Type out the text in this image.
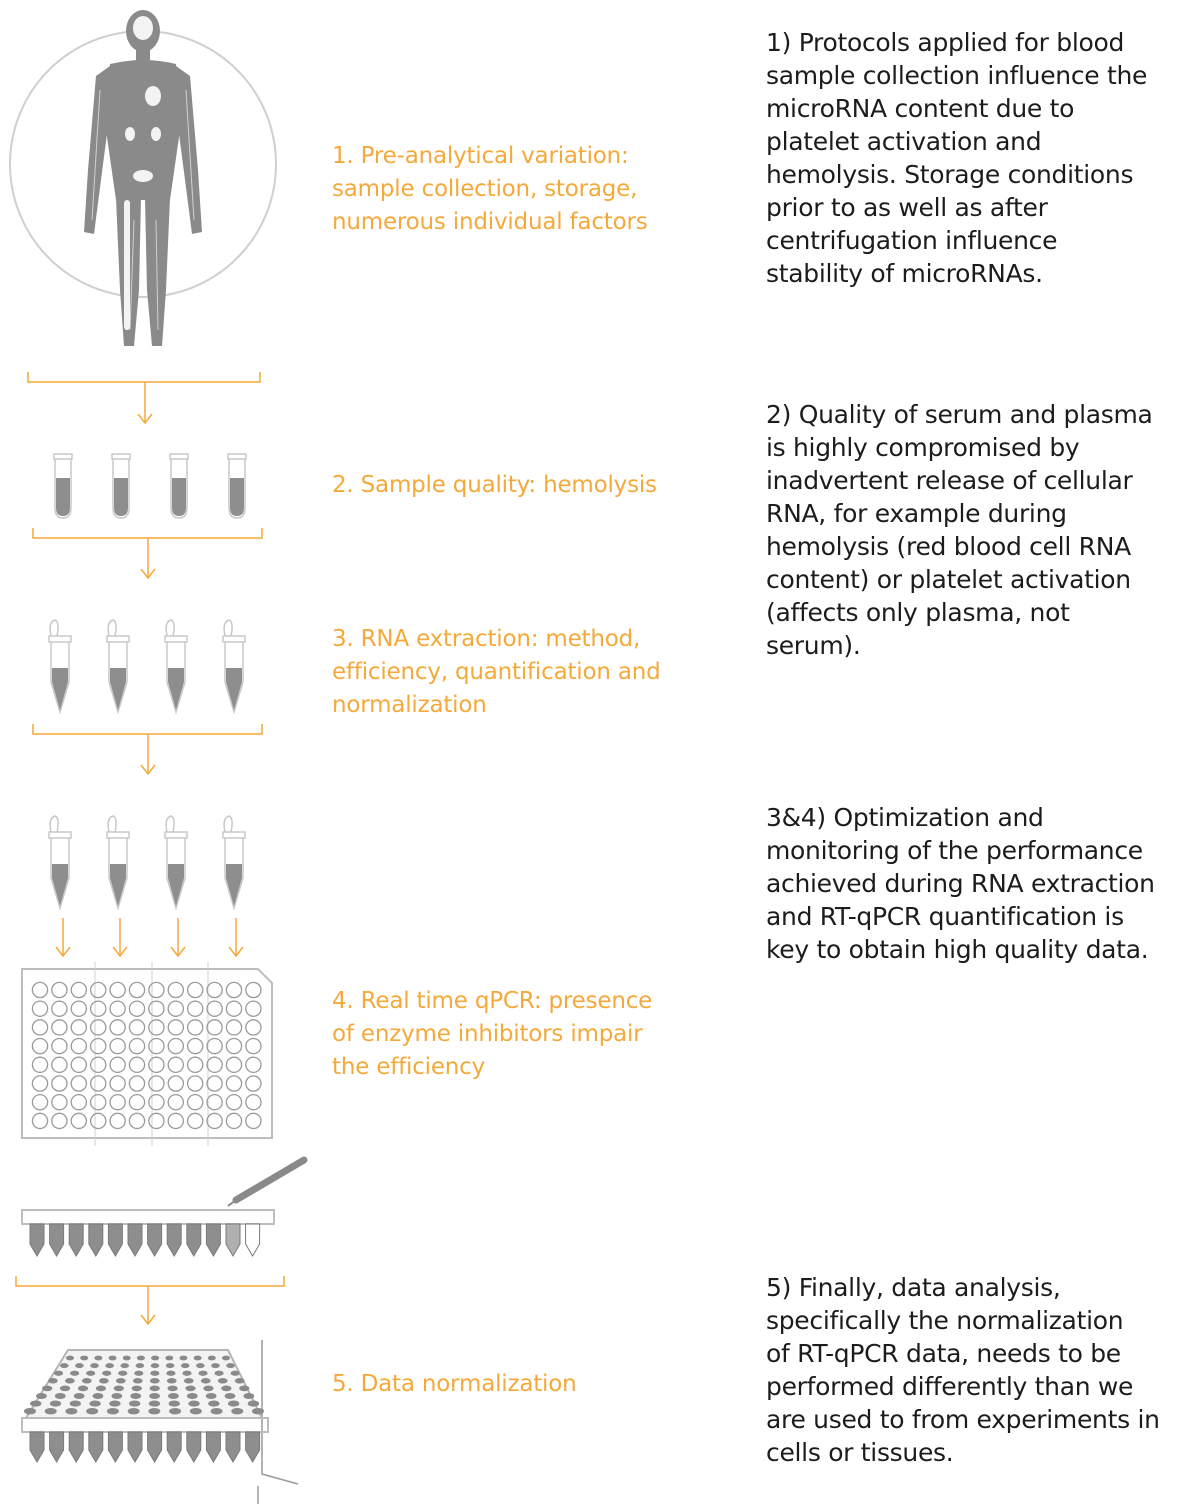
1. Pre-analytical variation:
sample collection, storage,
numerous individual factors
2. Sample quality: hemolysis
3. RNA extraction: method,
efficiency, quantification and
normalization
4. Real time qPCR: presence
of enzyme inhibitors impair
the efficiency
5. Data normalization
1) Protocols applied for blood
sample collection influence the
microRNA content due to
platelet activation and
hemolysis. Storage conditions
prior to as well as after
centrifugation influence
stability of microRNAs.
2) Quality of serum and plasma
is highly compromised by
inadvertent release of cellular
RNA, for example during
hemolysis (red blood cell RNA
content) or platelet activation
(affects only plasma, not
serum).
3&4) Optimization and
monitoring of the performance
achieved during RNA extraction
and RT-qPCR quantification is
key to obtain high quality data.
5) Finally, data analysis,
specifically the normalization
of RT-qPCR data, needs to be
performed differently than we
are used to from experiments in
cells or tissues.
